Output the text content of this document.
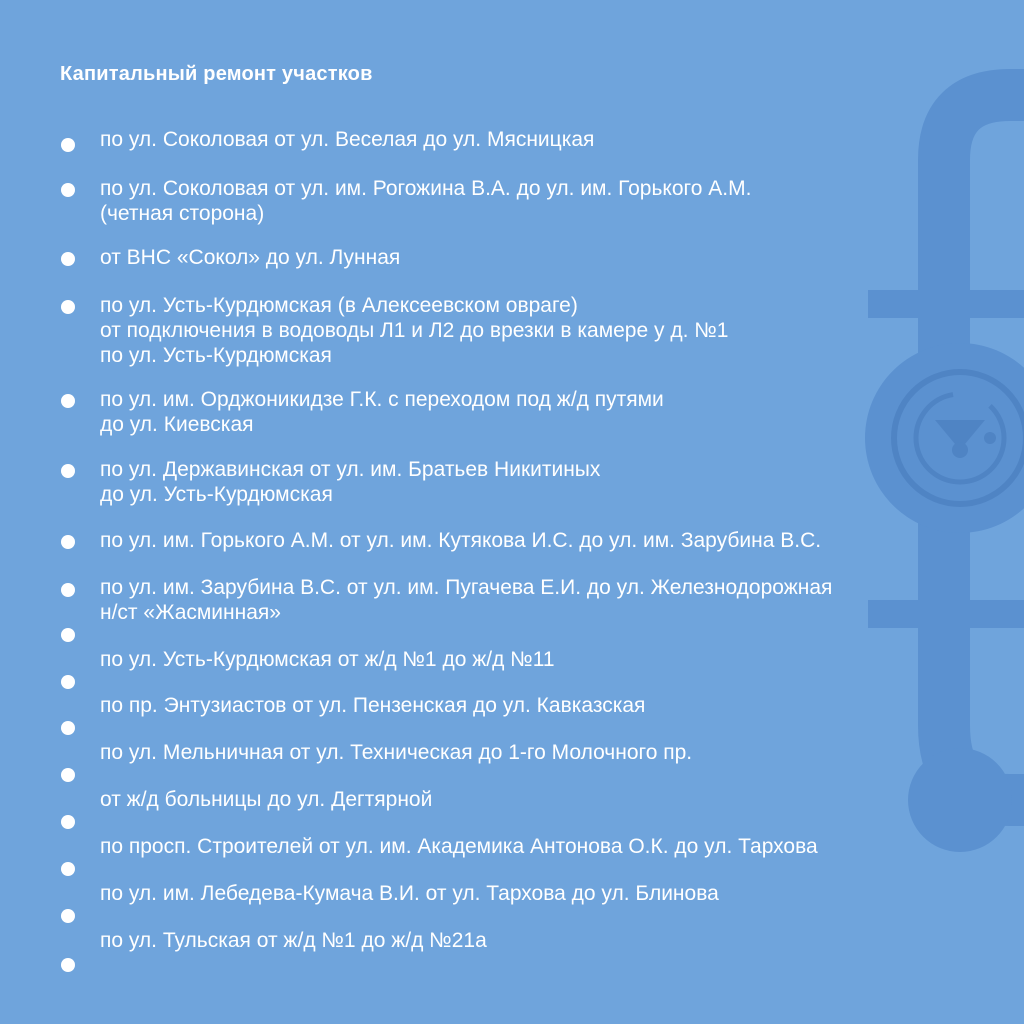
Капитальный ремонт участков
по ул. Соколовая от ул. Веселая до ул. Мясницкая
по ул. Соколовая от ул. им. Рогожина В.А. до ул. им. Горького А.М.
(четная сторона)
от ВНС «Сокол» до ул. Лунная
по ул. Усть-Курдюмская (в Алексеевском овраге)
от подключения в водоводы Л1 и Л2 до врезки в камере у д. №1
по ул. Усть-Курдюмская
по ул. им. Орджоникидзе Г.К. с переходом под ж/д путями
до ул. Киевская
по ул. Державинская от ул. им. Братьев Никитиных
до ул. Усть-Курдюмская
по ул. им. Горького А.М. от ул. им. Кутякова И.С. до ул. им. Зарубина В.С.
по ул. им. Зарубина В.С. от ул. им. Пугачева Е.И. до ул. Железнодорожная
н/ст «Жасминная»
по ул. Усть-Курдюмская от ж/д №1 до ж/д №11
по пр. Энтузиастов от ул. Пензенская до ул. Кавказская
по ул. Мельничная от ул. Техническая до 1-го Молочного пр.
от ж/д больницы до ул. Дегтярной
по просп. Строителей от ул. им. Академика Антонова О.К. до ул. Тархова
по ул. им. Лебедева-Кумача В.И. от ул. Тархова до ул. Блинова
по ул. Тульская от ж/д №1 до ж/д №21а
